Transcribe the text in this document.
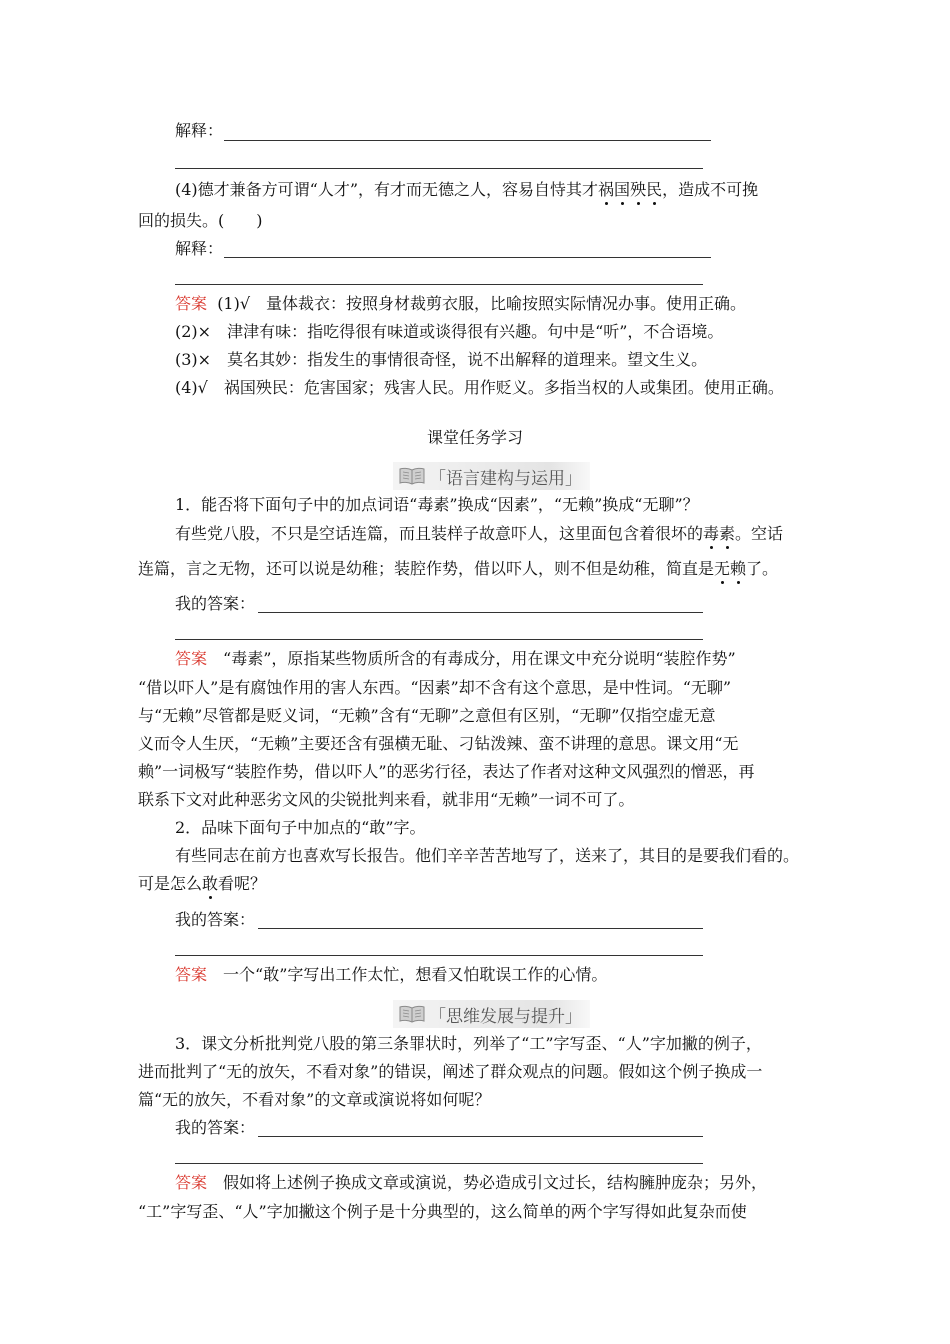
解释：
(4)德才兼备方可谓“人才”，有才而无德之人，容易自恃其才祸国殃民，造成不可挽
回的损失。(　　)
解释：
答案 (1)√　量体裁衣：按照身材裁剪衣服，比喻按照实际情况办事。使用正确。
(2)×　津津有味：指吃得很有味道或谈得很有兴趣。句中是“听”，不合语境。
(3)×　莫名其妙：指发生的事情很奇怪，说不出解释的道理来。望文生义。
(4)√　祸国殃民：危害国家；残害人民。用作贬义。多指当权的人或集团。使用正确。
课堂任务学习
「语言建构与运用」
1．能否将下面句子中的加点词语“毒素”换成“因素”，“无赖”换成“无聊”？
有些党八股，不只是空话连篇，而且装样子故意吓人，这里面包含着很坏的毒素。空话
连篇，言之无物，还可以说是幼稚；装腔作势，借以吓人，则不但是幼稚，简直是无赖了。
我的答案：
答案　“毒素”，原指某些物质所含的有毒成分，用在课文中充分说明“装腔作势”
“借以吓人”是有腐蚀作用的害人东西。“因素”却不含有这个意思，是中性词。“无聊”
与“无赖”尽管都是贬义词，“无赖”含有“无聊”之意但有区别，“无聊”仅指空虚无意
义而令人生厌，“无赖”主要还含有强横无耻、刁钻泼辣、蛮不讲理的意思。课文用“无
赖”一词极写“装腔作势，借以吓人”的恶劣行径，表达了作者对这种文风强烈的憎恶，再
联系下文对此种恶劣文风的尖锐批判来看，就非用“无赖”一词不可了。
2．品味下面句子中加点的“敢”字。
有些同志在前方也喜欢写长报告。他们辛辛苦苦地写了，送来了，其目的是要我们看的。
可是怎么敢看呢？
我的答案：
答案　一个“敢”字写出工作太忙，想看又怕耽误工作的心情。
「思维发展与提升」
3．课文分析批判党八股的第三条罪状时，列举了“工”字写歪、“人”字加撇的例子，
进而批判了“无的放矢，不看对象”的错误，阐述了群众观点的问题。假如这个例子换成一
篇“无的放矢，不看对象”的文章或演说将如何呢？
我的答案：
答案　假如将上述例子换成文章或演说，势必造成引文过长，结构臃肿庞杂；另外，
“工”字写歪、“人”字加撇这个例子是十分典型的，这么简单的两个字写得如此复杂而使
